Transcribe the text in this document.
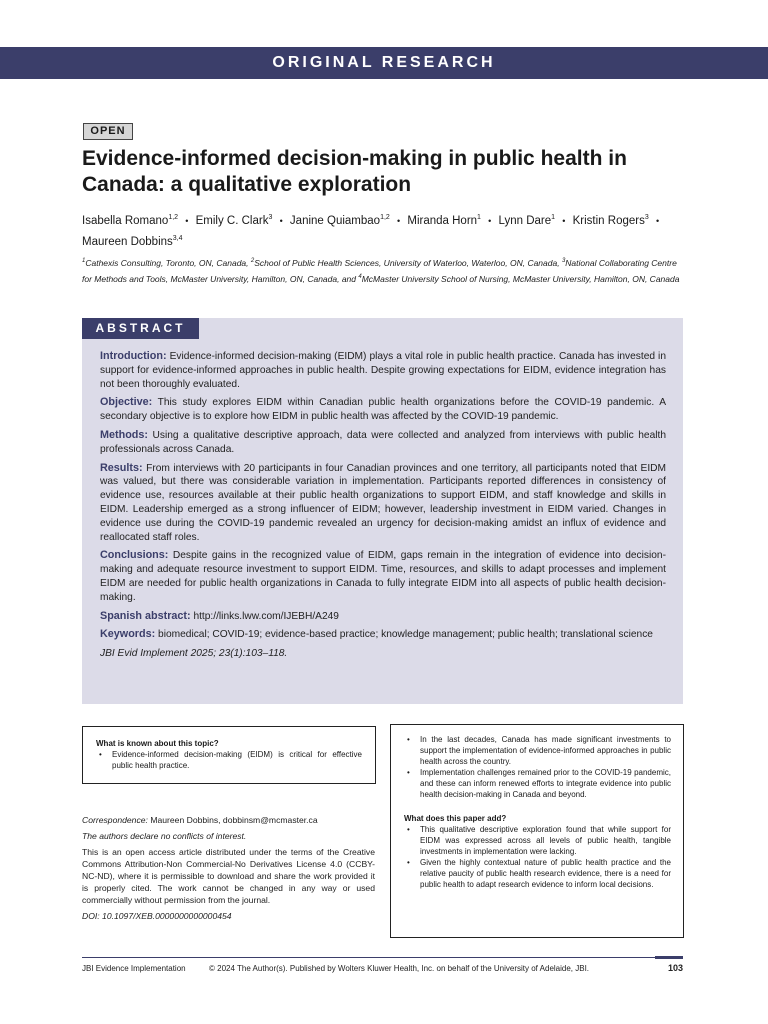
ORIGINAL RESEARCH
OPEN
Evidence-informed decision-making in public health in Canada: a qualitative exploration
Isabella Romano$^{1,2}$ • Emily C. Clark$^3$ • Janine Quiambao$^{1,2}$ • Miranda Horn$^1$ • Lynn Dare$^1$ • Kristin Rogers$^3$ •
Maureen Dobbins$^{3,4}$
$^1$Cathexis Consulting, Toronto, ON, Canada, $^2$School of Public Health Sciences, University of Waterloo, Waterloo, ON, Canada, $^3$National Collaborating Centre for Methods and Tools, McMaster University, Hamilton, ON, Canada, and $^4$McMaster University School of Nursing, McMaster University, Hamilton, ON, Canada
ABSTRACT

Introduction: Evidence-informed decision-making (EIDM) plays a vital role in public health practice. Canada has invested in support for evidence-informed approaches in public health. Despite growing expectations for EIDM, evidence integration has not been thoroughly evaluated.

Objective: This study explores EIDM within Canadian public health organizations before the COVID-19 pandemic. A secondary objective is to explore how EIDM in public health was affected by the COVID-19 pandemic.

Methods: Using a qualitative descriptive approach, data were collected and analyzed from interviews with public health professionals across Canada.

Results: From interviews with 20 participants in four Canadian provinces and one territory, all participants noted that EIDM was valued, but there was considerable variation in implementation. Participants reported differences in consistency of evidence use, resources available at their public health organizations to support EIDM, and staff knowledge and skills in EIDM. Leadership emerged as a strong influencer of EIDM; however, leadership investment in EIDM varied. Changes in evidence use during the COVID-19 pandemic revealed an urgency for decision-making amidst an influx of evidence and reallocated staff roles.

Conclusions: Despite gains in the recognized value of EIDM, gaps remain in the integration of evidence into decision-making and adequate resource investment to support EIDM. Time, resources, and skills to adapt processes and implement EIDM are needed for public health organizations in Canada to fully integrate EIDM into all aspects of public health decision-making.

Spanish abstract: http://links.lww.com/IJEBH/A249

Keywords: biomedical; COVID-19; evidence-based practice; knowledge management; public health; translational science

JBI Evid Implement 2025; 23(1):103–118.

What is known about this topic?
• Evidence-informed decision-making (EIDM) is critical for effective public health practice.
• In the last decades, Canada has made significant investments to support the implementation of evidence-informed approaches in public health across the country.
• Implementation challenges remained prior to the COVID-19 pandemic, and these can inform renewed efforts to integrate evidence into public health decision-making in Canada and beyond.
What does this paper add?
• This qualitative descriptive exploration found that while support for EIDM was expressed across all levels of public health, tangible investments in implementation were lacking.
• Given the highly contextual nature of public health practice and the relative paucity of public health research evidence, there is a need for public health to adapt research evidence to inform local decisions.

Correspondence: Maureen Dobbins, dobbinsm@mcmaster.ca

The authors declare no conflicts of interest.

This is an open access article distributed under the terms of the Creative Commons Attribution-Non Commercial-No Derivatives License 4.0 (CCBY-NC-ND), where it is permissible to download and share the work provided it is properly cited. The work cannot be changed in any way or used commercially without permission from the journal.

DOI: 10.1097/XEB.0000000000000454

JBI Evidence Implementation	© 2024 The Author(s). Published by Wolters Kluwer Health, Inc. on behalf of the University of Adelaide, JBI.	103
